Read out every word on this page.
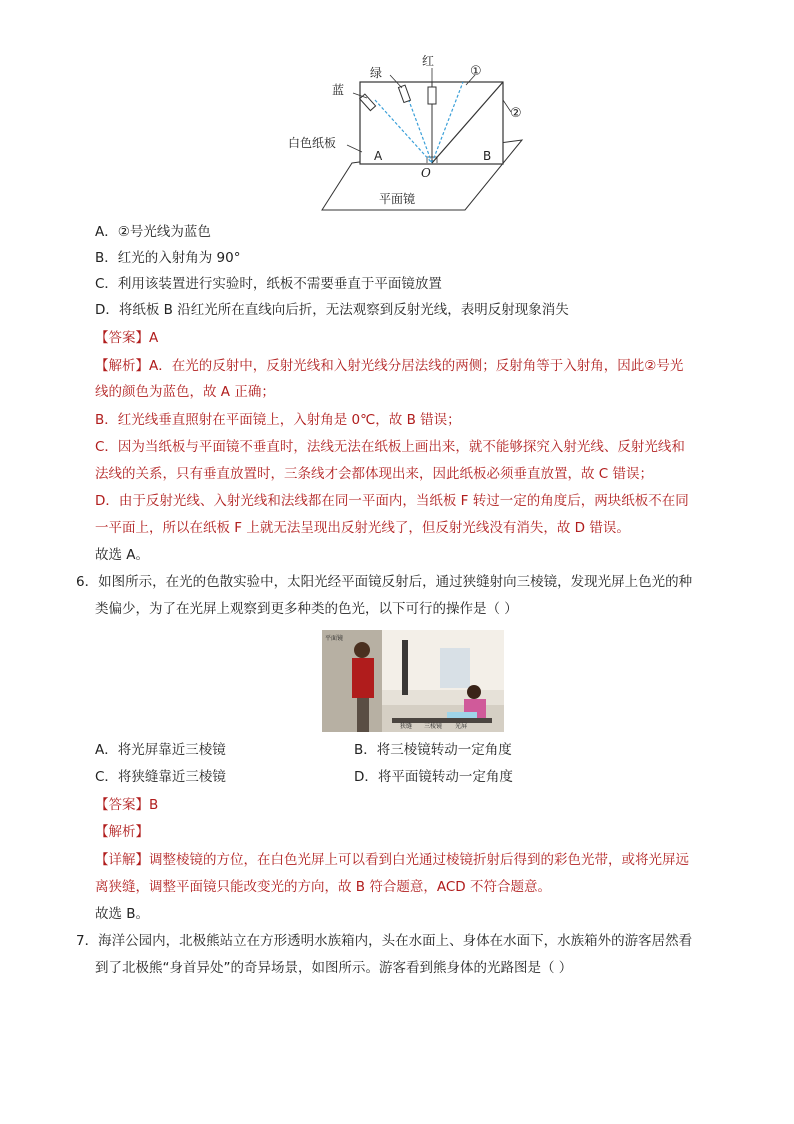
蓝
绿
红
①
②
白色纸板
A	B
O
平面镜
A．②号光线为蓝色
B．红光的入射角为 90°
C．利用该装置进行实验时，纸板不需要垂直于平面镜放置
D．将纸板 B 沿红光所在直线向后折，无法观察到反射光线，表明反射现象消失
【答案】A
【解析】A．在光的反射中，反射光线和入射光线分居法线的两侧；反射角等于入射角，因此②号光
线的颜色为蓝色，故 A 正确；
B．红光线垂直照射在平面镜上，入射角是 0℃，故 B 错误；
C．因为当纸板与平面镜不垂直时，法线无法在纸板上画出来，就不能够探究入射光线、反射光线和
法线的关系，只有垂直放置时，三条线才会都体现出来，因此纸板必须垂直放置，故 C 错误；
D．由于反射光线、入射光线和法线都在同一平面内，当纸板 F 转过一定的角度后，两块纸板不在同
一平面上，所以在纸板 F 上就无法呈现出反射光线了，但反射光线没有消失，故 D 错误。
故选 A。
6．如图所示，在光的色散实验中，太阳光经平面镜反射后，通过狭缝射向三棱镜，发现光屏上色光的种
类偏少，为了在光屏上观察到更多种类的色光，以下可行的操作是（ ）
平面镜
狭缝 三棱镜 光屏
A．将光屏靠近三棱镜	B．将三棱镜转动一定角度
C．将狭缝靠近三棱镜	D．将平面镜转动一定角度
【答案】B
【解析】
【详解】调整棱镜的方位，在白色光屏上可以看到白光通过棱镜折射后得到的彩色光带，或将光屏远
离狭缝，调整平面镜只能改变光的方向，故 B 符合题意，ACD 不符合题意。
故选 B。
7．海洋公园内，北极熊站立在方形透明水族箱内，头在水面上、身体在水面下，水族箱外的游客居然看
到了北极熊“身首异处”的奇异场景，如图所示。游客看到熊身体的光路图是（ ）
